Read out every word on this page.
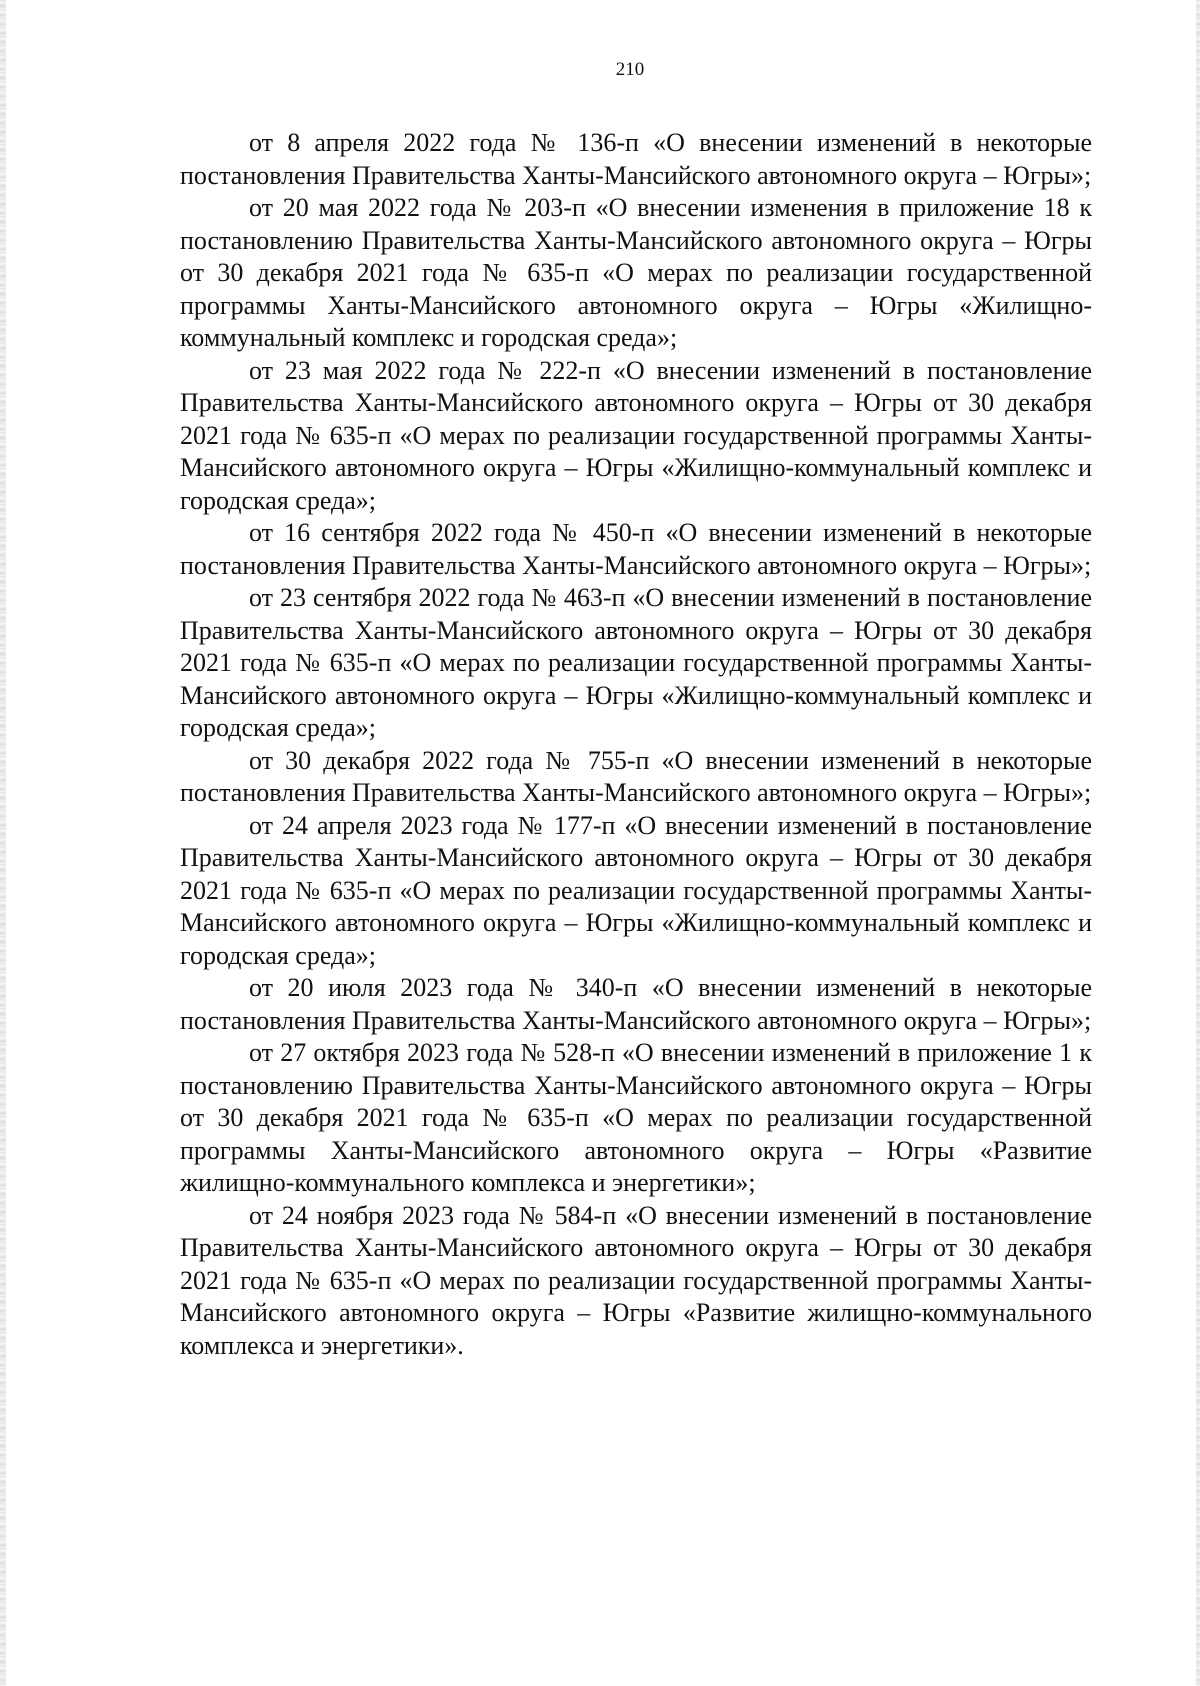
210

от 8 апреля 2022 года № 136-п «О внесении изменений в некоторые постановления Правительства Ханты-Мансийского автономного округа – Югры»;

от 20 мая 2022 года № 203-п «О внесении изменения в приложение 18 к постановлению Правительства Ханты-Мансийского автономного округа – Югры от 30 декабря 2021 года № 635-п «О мерах по реализации государственной программы Ханты-Мансийского автономного округа – Югры «Жилищно-коммунальный комплекс и городская среда»;

от 23 мая 2022 года № 222-п «О внесении изменений в постановление Правительства Ханты-Мансийского автономного округа – Югры от 30 декабря 2021 года № 635-п «О мерах по реализации государственной программы Ханты-Мансийского автономного округа – Югры «Жилищно-коммунальный комплекс и городская среда»;

от 16 сентября 2022 года № 450-п «О внесении изменений в некоторые постановления Правительства Ханты-Мансийского автономного округа – Югры»;

от 23 сентября 2022 года № 463-п «О внесении изменений в постановление Правительства Ханты-Мансийского автономного округа – Югры от 30 декабря 2021 года № 635-п «О мерах по реализации государственной программы Ханты-Мансийского автономного округа – Югры «Жилищно-коммунальный комплекс и городская среда»;

от 30 декабря 2022 года № 755-п «О внесении изменений в некоторые постановления Правительства Ханты-Мансийского автономного округа – Югры»;

от 24 апреля 2023 года № 177-п «О внесении изменений в постановление Правительства Ханты-Мансийского автономного округа – Югры от 30 декабря 2021 года № 635-п «О мерах по реализации государственной программы Ханты-Мансийского автономного округа – Югры «Жилищно-коммунальный комплекс и городская среда»;

от 20 июля 2023 года № 340-п «О внесении изменений в некоторые постановления Правительства Ханты-Мансийского автономного округа – Югры»;

от 27 октября 2023 года № 528-п «О внесении изменений в приложение 1 к постановлению Правительства Ханты-Мансийского автономного округа – Югры от 30 декабря 2021 года № 635-п «О мерах по реализации государственной программы Ханты-Мансийского автономного округа – Югры «Развитие жилищно-коммунального комплекса и энергетики»;

от 24 ноября 2023 года № 584-п «О внесении изменений в постановление Правительства Ханты-Мансийского автономного округа – Югры от 30 декабря 2021 года № 635-п «О мерах по реализации государственной программы Ханты-Мансийского автономного округа – Югры «Развитие жилищно-коммунального комплекса и энергетики».
